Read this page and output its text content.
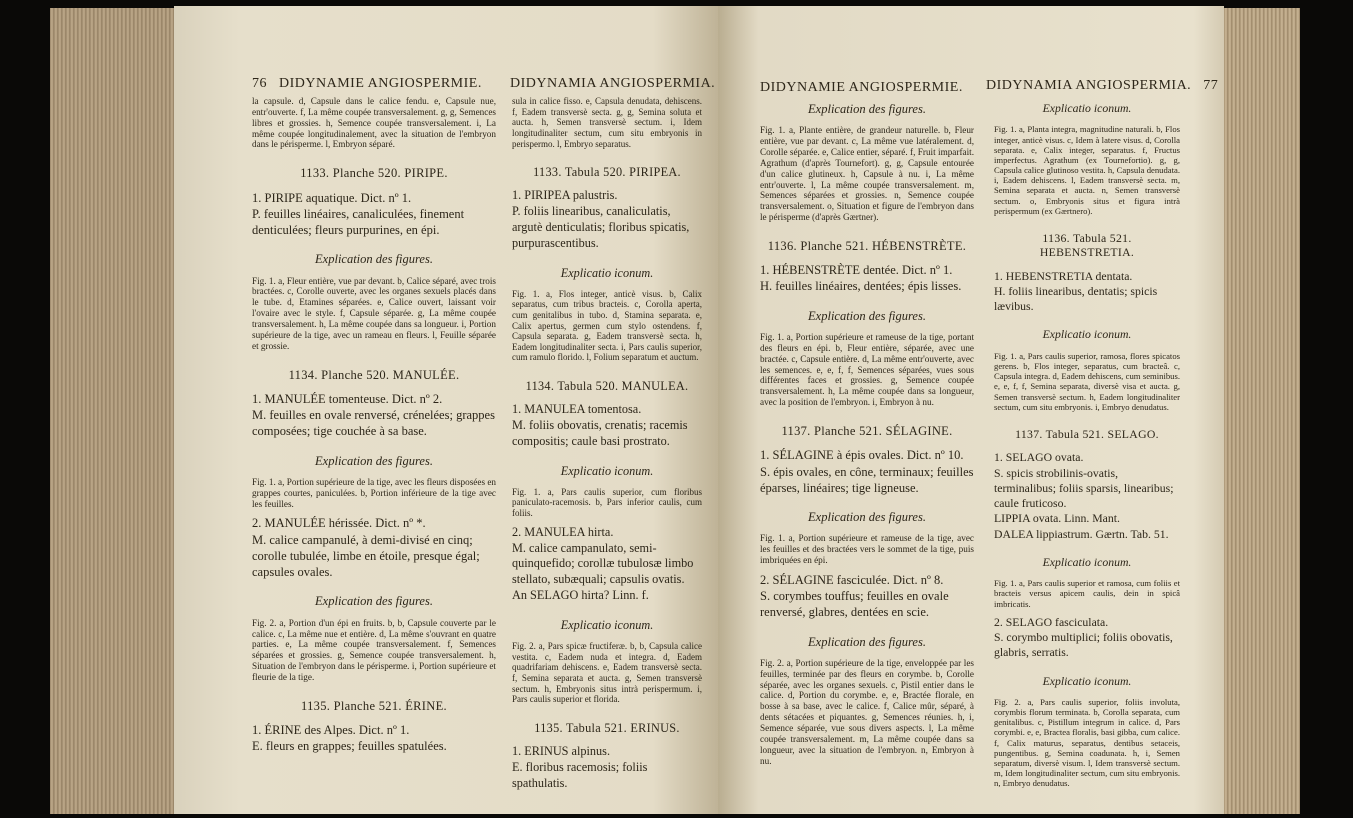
76 DIDYNAMIE ANGIOSPERMIE. DIDYNAMIA ANGIOSPERMIA.

la capsule. d, Capsule dans le calice fendu. e, Capsule nue, entr'ouverte. f, La même coupée transversalement. g, g, Semences libres et grossies. h, Semence coupée transversalement. i, La même coupée longitudinalement, avec la situation de l'embryon dans le périsperme. l, Embryon séparé.

1133. Planche 520. PIRIPE.
1. PIRIPE aquatique. Dict. nº 1.
P. feuilles linéaires, canaliculées, finement denticulées; fleurs purpurines, en épi.
Explication des figures.

Fig. 1. a, Fleur entière, vue par devant. b, Calice séparé, avec trois bractées. c, Corolle ouverte, avec les organes sexuels placés dans le tube. d, Etamines séparées. e, Calice ouvert, laissant voir l'ovaire avec le style. f, Capsule séparée. g, La même coupée transversalement. h, La même coupée dans sa longueur. i, Portion supérieure de la tige, avec un rameau en fleurs. l, Feuille séparée et grossie.

1134. Planche 520. MANULÉE.
1. MANULÉE tomenteuse. Dict. nº 2.
M. feuilles en ovale renversé, crénelées; grappes composées; tige couchée à sa base.
Explication des figures.

Fig. 1. a, Portion supérieure de la tige, avec les fleurs disposées en grappes courtes, paniculées. b, Portion inférieure de la tige avec les feuilles.

2. MANULÉE hérissée. Dict. nº *.
M. calice campanulé, à demi-divisé en cinq; corolle tubulée, limbe en étoile, presque égal; capsules ovales.
Explication des figures.

Fig. 2. a, Portion d'un épi en fruits. b, b, Capsule couverte par le calice. c, La même nue et entière. d, La même s'ouvrant en quatre parties. e, La même coupée transversalement. f, Semences séparées et grossies. g, Semence coupée transversalement. h, Situation de l'embryon dans le périsperme. i, Portion supérieure et fleurie de la tige.

1135. Planche 521. ÉRINE.
1. ÉRINE des Alpes. Dict. nº 1.
E. fleurs en grappes; feuilles spatulées.

sula in calice fisso. e, Capsula denudata, dehiscens. f, Eadem transversè secta. g, g, Semina soluta et aucta. h, Semen transversè sectum. i, Idem longitudinaliter sectum, cum situ embryonis in perispermo. l, Embryo separatus.

1133. Tabula 520. PIRIPEA.
1. PIRIPEA palustris.
P. foliis linearibus, canaliculatis, argutè denticulatis; floribus spicatis, purpurascentibus.
Explicatio iconum.

Fig. 1. a, Flos integer, anticè visus. b, Calix separatus, cum tribus bracteis. c, Corolla aperta, cum genitalibus in tubo. d, Stamina separata. e, Calix apertus, germen cum stylo ostendens. f, Capsula separata. g, Eadem transversè secta. h, Eadem longitudinaliter secta. i, Pars caulis superior, cum ramulo florido. l, Folium separatum et auctum.

1134. Tabula 520. MANULEA.
1. MANULEA tomentosa.
M. foliis obovatis, crenatis; racemis compositis; caule basi prostrato.
Explicatio iconum.

Fig. 1. a, Pars caulis superior, cum floribus paniculato-racemosis. b, Pars inferior caulis, cum foliis.

2. MANULEA hirta.
M. calice campanulato, semi-quinquefido; corollæ tubulosæ limbo stellato, subæquali; capsulis ovatis.
An SELAGO hirta? Linn. f.
Explicatio iconum.

Fig. 2. a, Pars spicæ fructiferæ. b, b, Capsula calice vestita. c, Eadem nuda et integra. d, Eadem quadrifariam dehiscens. e, Eadem transversè secta. f, Semina separata et aucta. g, Semen transversè sectum. h, Embryonis situs intrà perispermum. i, Pars caulis superior et florida.

1135. Tabula 521. ERINUS.
1. ERINUS alpinus.
E. floribus racemosis; foliis spathulatis.
DIDYNAMIE ANGIOSPERMIE. DIDYNAMIA ANGIOSPERMIA. 77
Explication des figures.

Fig. 1. a, Plante entière, de grandeur naturelle. b, Fleur entière, vue par devant. c, La même vue latéralement. d, Corolle séparée. e, Calice entier, séparé. f, Fruit imparfait. Agrathum (d'après Tournefort). g, g, Capsule entourée d'un calice glutineux. h, Capsule à nu. i, La même entr'ouverte. l, La même coupée transversalement. m, Semences séparées et grossies. n, Semence coupée transversalement. o, Situation et figure de l'embryon dans le périsperme (d'après Gærtner).

1136. Planche 521. HÉBENSTRÈTE.
1. HÉBENSTRÈTE dentée. Dict. nº 1.
H. feuilles linéaires, dentées; épis lisses.
Explication des figures.

Fig. 1. a, Portion supérieure et rameuse de la tige, portant des fleurs en épi. b, Fleur entière, séparée, avec une bractée. c, Capsule entière. d, La même entr'ouverte, avec les semences. e, e, f, f, Semences séparées, vues sous différentes faces et grossies. g, Semence coupée transversalement. h, La même coupée dans sa longueur, avec la position de l'embryon. i, Embryon à nu.

1137. Planche 521. SÉLAGINE.
1. SÉLAGINE à épis ovales. Dict. nº 10.
S. épis ovales, en cône, terminaux; feuilles éparses, linéaires; tige ligneuse.
Explication des figures.

Fig. 1. a, Portion supérieure et rameuse de la tige, avec les feuilles et des bractées vers le sommet de la tige, puis imbriquées en épi.

2. SÉLAGINE fasciculée. Dict. nº 8.
S. corymbes touffus; feuilles en ovale renversé, glabres, dentées en scie.
Explication des figures.

Fig. 2. a, Portion supérieure de la tige, enveloppée par les feuilles, terminée par des fleurs en corymbe. b, Corolle séparée, avec les organes sexuels. c, Pistil entier dans le calice. d, Portion du corymbe. e, e, Bractée florale, en bosse à sa base, avec le calice. f, Calice mûr, séparé, à dents sétacées et piquantes. g, Semences réunies. h, i, Semence séparée, vue sous divers aspects. l, La même coupée transversalement. m, La même coupée dans sa longueur, avec la situation de l'embryon. n, Embryon à nu.

Explicatio iconum.

Fig. 1. a, Planta integra, magnitudine naturali. b, Flos integer, anticè visus. c, Idem à latere visus. d, Corolla separata. e, Calix integer, separatus. f, Fructus imperfectus. Agrathum (ex Tournefortio). g, g, Capsula calice glutinoso vestita. h, Capsula denudata. i, Eadem dehiscens. l, Eadem transversè secta. m, Semina separata et aucta. n, Semen transversè sectum. o, Embryonis situs et figura intrà perispermum (ex Gærtnero).

1136. Tabula 521. HEBENSTRETIA.
1. HEBENSTRETIA dentata.
H. foliis linearibus, dentatis; spicis lævibus.
Explicatio iconum.

Fig. 1. a, Pars caulis superior, ramosa, flores spicatos gerens. b, Flos integer, separatus, cum bracteâ. c, Capsula integra. d, Eadem dehiscens, cum seminibus. e, e, f, f, Semina separata, diversè visa et aucta. g, Semen transversè sectum. h, Eadem longitudinaliter sectum, cum situ embryonis. i, Embryo denudatus.

1137. Tabula 521. SELAGO.
1. SELAGO ovata.
S. spicis strobilinis-ovatis, terminalibus; foliis sparsis, linearibus; caule fruticoso.
LIPPIA ovata. Linn. Mant.
DALEA lippiastrum. Gærtn. Tab. 51.
Explicatio iconum.

Fig. 1. a, Pars caulis superior et ramosa, cum foliis et bracteis versus apicem caulis, dein in spicâ imbricatis.

2. SELAGO fasciculata.
S. corymbo multiplici; foliis obovatis, glabris, serratis.
Explicatio iconum.

Fig. 2. a, Pars caulis superior, foliis involuta, corymbis florum terminata. b, Corolla separata, cum genitalibus. c, Pistillum integrum in calice. d, Pars corymbi. e, e, Bractea floralis, basi gibba, cum calice. f, Calix maturus, separatus, dentibus setaceis, pungentibus. g, Semina coadunata. h, i, Semen separatum, diversè visum. l, Idem transversè sectum. m, Idem longitudinaliter sectum, cum situ embryonis. n, Embryo denudatus.
